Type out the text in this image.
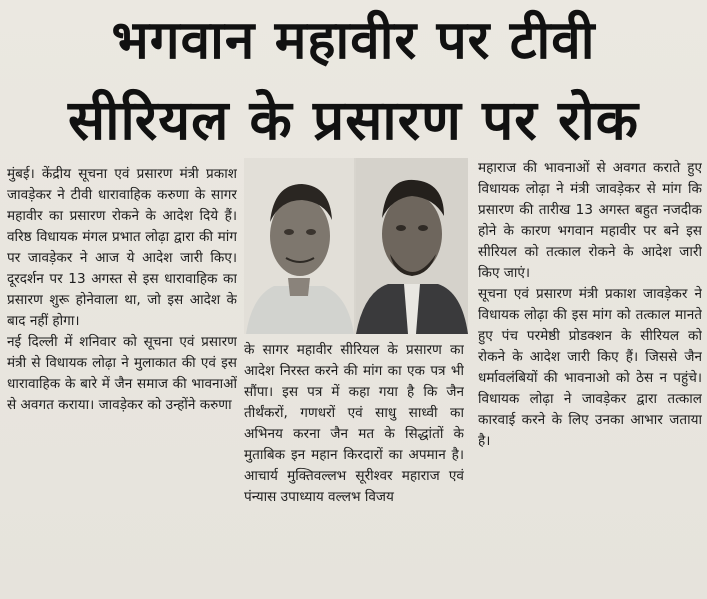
भगवान महावीर पर टीवी
सीरियल के प्रसारण पर रोक

मुंबई। केंद्रीय सूचना एवं प्रसारण मंत्री प्रकाश जावड़ेकर ने टीवी धारावाहिक करुणा के सागर महावीर का प्रसारण रोकने के आदेश दिये हैं। वरिष्ठ विधायक मंगल प्रभात लोढ़ा द्वारा की मांग पर जावड़ेकर ने आज ये आदेश जारी किए। दूरदर्शन पर 13 अगस्त से इस धारावाहिक का प्रसारण शुरू होनेवाला था, जो इस आदेश के बाद नहीं होगा।

नई दिल्ली में शनिवार को सूचना एवं प्रसारण मंत्री से विधायक लोढ़ा ने मुलाकात की एवं इस धारावाहिक के बारे में जैन समाज की भावनाओं से अवगत कराया। जावड़ेकर को उन्होंने करुणा

के सागर महावीर सीरियल के प्रसारण का आदेश निरस्त करने की मांग का एक पत्र भी सौंपा। इस पत्र में कहा गया है कि जैन तीर्थंकरों, गणधरों एवं साधु साध्वी का अभिनय करना जैन मत के सिद्धांतों के मुताबिक इन महान किरदारों का अपमान है। आचार्य मुक्तिवल्लभ सूरीश्वर महाराज एवं पंन्यास उपाध्याय वल्लभ विजय

महाराज की भावनाओं से अवगत कराते हुए विधायक लोढ़ा ने मंत्री जावड़ेकर से मांग कि प्रसारण की तारीख 13 अगस्त बहुत नजदीक होने के कारण भगवान महावीर पर बने इस सीरियल को तत्काल रोकने के आदेश जारी किए जाएं।

सूचना एवं प्रसारण मंत्री प्रकाश जावड़ेकर ने विधायक लोढ़ा की इस मांग को तत्काल मानते हुए पंच परमेष्ठी प्रोडक्शन के सीरियल को रोकने के आदेश जारी किए हैं। जिससे जैन धर्मावलंबियों की भावनाओ को ठेस न पहुंचे। विधायक लोढ़ा ने जावड़ेकर द्वारा तत्काल कारवाई करने के लिए उनका आभार जताया है।
